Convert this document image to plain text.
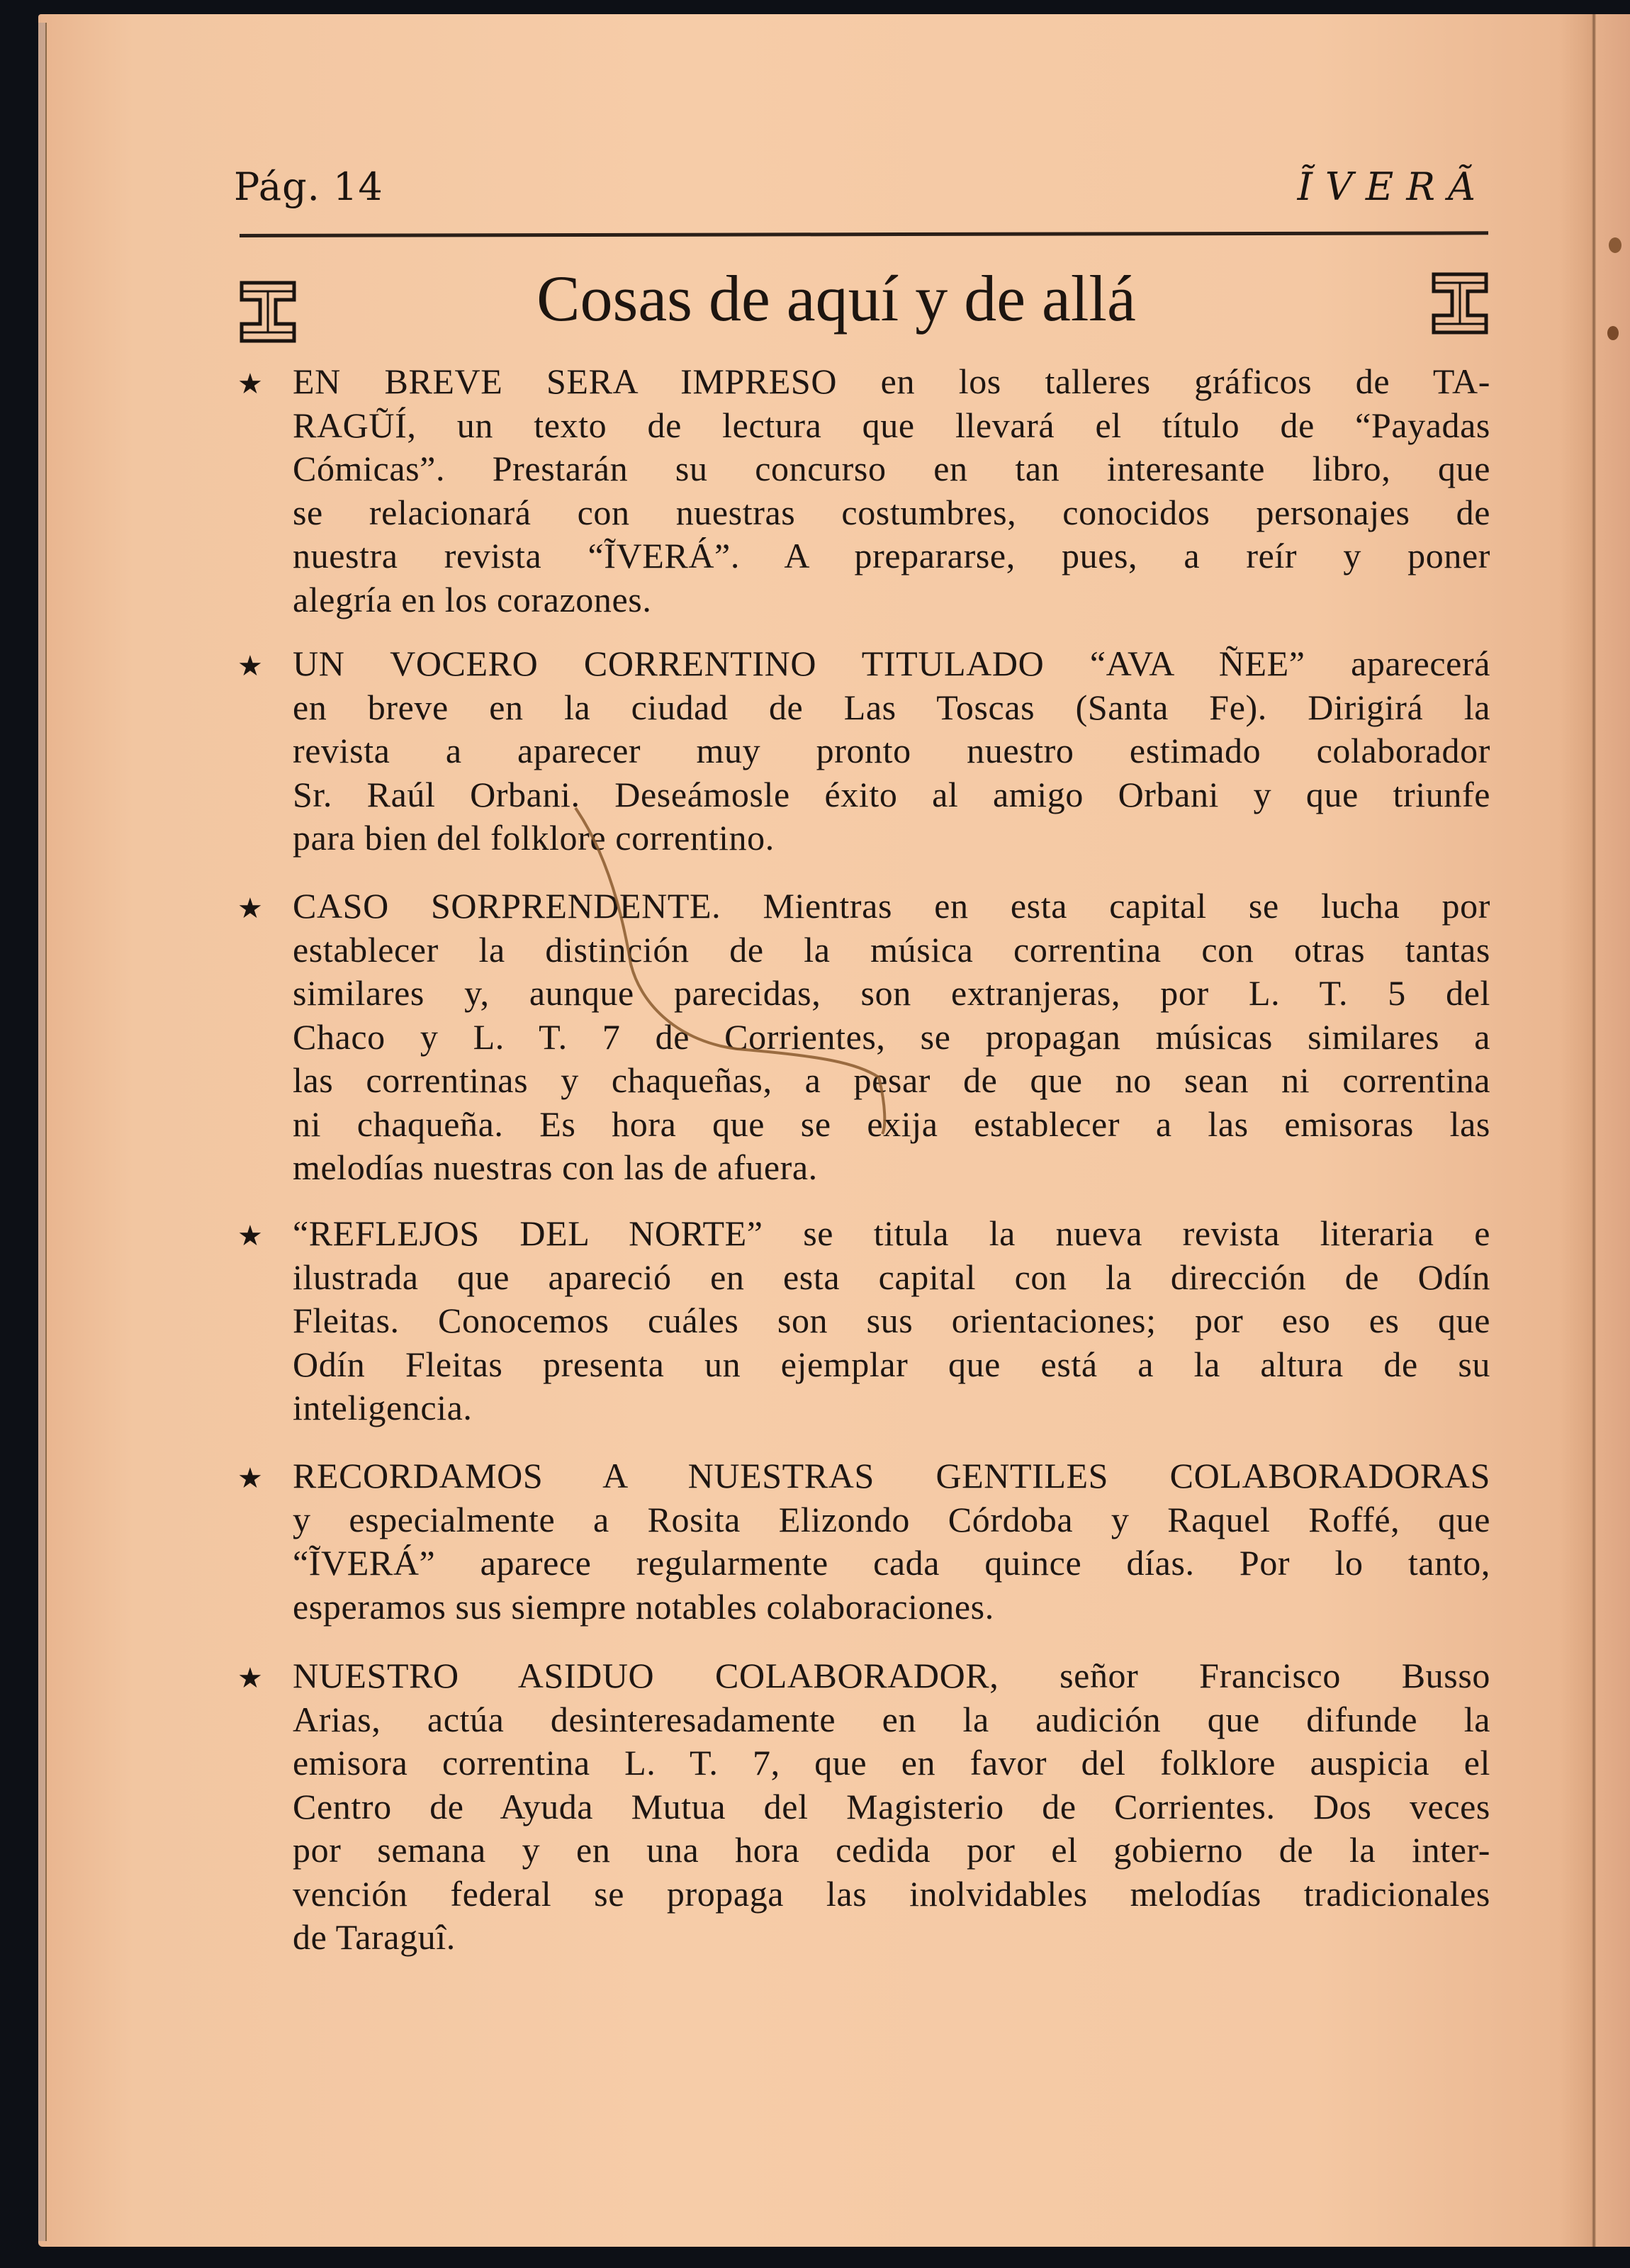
Pág. 14	ĨVERÃ
Cosas de aquí y de allá
★ EN BREVE SERA IMPRESO en los talleres gráficos de TA-
RAGŨÍ, un texto de lectura que llevará el título de “Payadas
Cómicas”. Prestarán su concurso en tan interesante libro, que
se relacionará con nuestras costumbres, conocidos personajes de
nuestra revista “ĨVERÁ”. A prepararse, pues, a reír y poner
alegría en los corazones.
★ UN VOCERO CORRENTINO TITULADO “AVA ÑEE” aparecerá
en breve en la ciudad de Las Toscas (Santa Fe). Dirigirá la
revista a aparecer muy pronto nuestro estimado colaborador
Sr. Raúl Orbani. Deseámosle éxito al amigo Orbani y que triunfe
para bien del folklore correntino.
★ CASO SORPRENDENTE. Mientras en esta capital se lucha por
establecer la distinción de la música correntina con otras tantas
similares y, aunque parecidas, son extranjeras, por L. T. 5 del
Chaco y L. T. 7 de Corrientes, se propagan músicas similares a
las correntinas y chaqueñas, a pesar de que no sean ni correntina
ni chaqueña. Es hora que se exija establecer a las emisoras las
melodías nuestras con las de afuera.
★ “REFLEJOS DEL NORTE” se titula la nueva revista literaria e
ilustrada que apareció en esta capital con la dirección de Odín
Fleitas. Conocemos cuáles son sus orientaciones; por eso es que
Odín Fleitas presenta un ejemplar que está a la altura de su
inteligencia.
★ RECORDAMOS A NUESTRAS GENTILES COLABORADORAS
y especialmente a Rosita Elizondo Córdoba y Raquel Roffé, que
“ĨVERÁ” aparece regularmente cada quince días. Por lo tanto,
esperamos sus siempre notables colaboraciones.
★ NUESTRO ASIDUO COLABORADOR, señor Francisco Busso
Arias, actúa desinteresadamente en la audición que difunde la
emisora correntina L. T. 7, que en favor del folklore auspicia el
Centro de Ayuda Mutua del Magisterio de Corrientes. Dos veces
por semana y en una hora cedida por el gobierno de la inter-
vención federal se propaga las inolvidables melodías tradicionales
de Taraguî.
